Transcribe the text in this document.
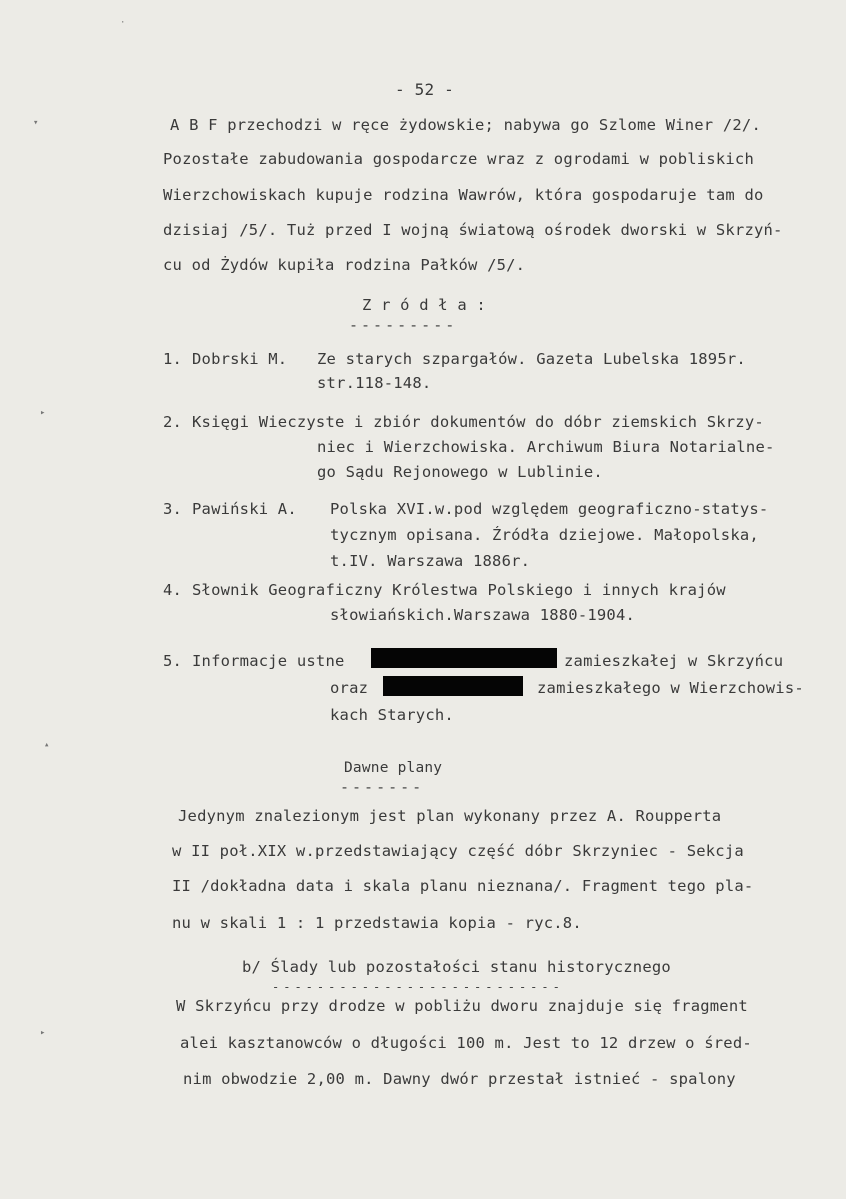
·
▾
▸
▴
▸
- 52 -
A B F przechodzi w ręce żydowskie; nabywa go Szlome Winer /2/.
Pozostałe zabudowania gospodarcze wraz z ogrodami w pobliskich
Wierzchowiskach kupuje rodzina Wawrów, która gospodaruje tam do
dzisiaj /5/. Tuż przed I wojną światową ośrodek dworski w Skrzyń-
cu od Żydów kupiła rodzina Pałków /5/.
Z r ó d ł a :
---------
1. Dobrski M. Ze starych szpargałów. Gazeta Lubelska 1895r.
str.118-148.
2. Księgi Wieczyste i zbiór dokumentów do dóbr ziemskich Skrzy-
niec i Wierzchowiska. Archiwum Biura Notarialne-
go Sądu Rejonowego w Lublinie.
3. Pawiński A. Polska XVI.w.pod względem geograficzno-statys-
tycznym opisana. Źródła dziejowe. Małopolska,
t.IV. Warszawa 1886r.
4. Słownik Geograficzny Królestwa Polskiego i innych krajów
słowiańskich.Warszawa 1880-1904.
5. Informacje ustne	zamieszkałej w Skrzyńcu
oraz	zamieszkałego w Wierzchowis-
kach Starych.
Dawne plany
-------
Jedynym znalezionym jest plan wykonany przez A. Roupperta
w II poł.XIX w.przedstawiający część dóbr Skrzyniec - Sekcja
II /dokładna data i skala planu nieznana/. Fragment tego pla-
nu w skali 1 : 1 przedstawia kopia - ryc.8.
b/ Ślady lub pozostałości stanu historycznego
--------------------------
W Skrzyńcu przy drodze w pobliżu dworu znajduje się fragment
alei kasztanowców o długości 100 m. Jest to 12 drzew o śred-
nim obwodzie 2,00 m. Dawny dwór przestał istnieć - spalony
